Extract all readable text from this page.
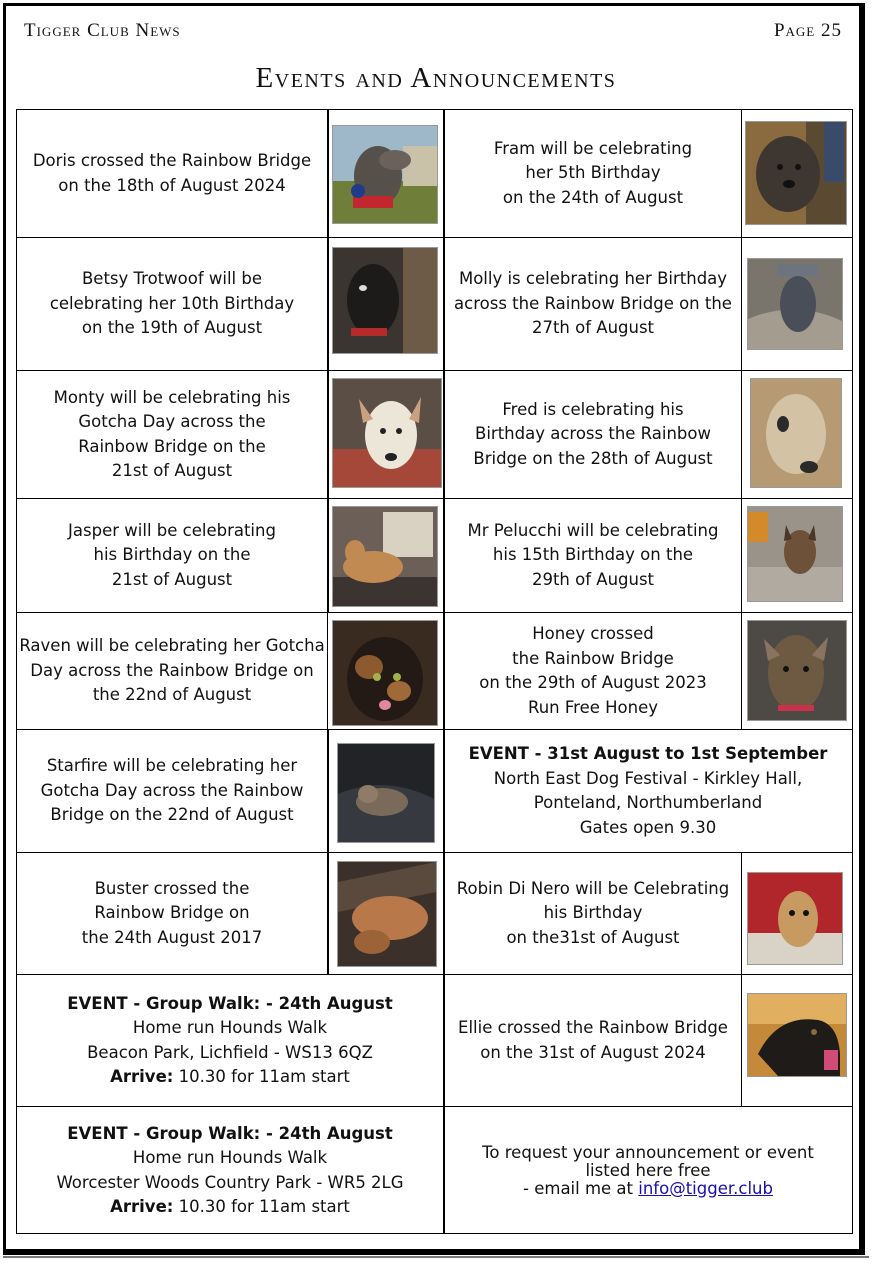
Tigger Club News	Page 25
Events and Announcements
Doris crossed the Rainbow Bridge
on the 18th of August 2024
Fram will be celebrating
her 5th Birthday
on the 24th of August
Betsy Trotwoof will be
celebrating her 10th Birthday
on the 19th of August
Molly is celebrating her Birthday
across the Rainbow Bridge on the
27th of August
Monty will be celebrating his
Gotcha Day across the
Rainbow Bridge on the
21st of August
Fred is celebrating his
Birthday across the Rainbow
Bridge on the 28th of August
Jasper will be celebrating
his Birthday on the
21st of August
Mr Pelucchi will be celebrating
his 15th Birthday on the
29th of August
Raven will be celebrating her Gotcha
Day across the Rainbow Bridge on
the 22nd of August
Honey crossed
the Rainbow Bridge
on the 29th of August 2023
Run Free Honey
Starfire will be celebrating her
Gotcha Day across the Rainbow
Bridge on the 22nd of August
EVENT - 31st August to 1st September
North East Dog Festival - Kirkley Hall,
Ponteland, Northumberland
Gates open 9.30
Buster crossed the
Rainbow Bridge on
the 24th August 2017
Robin Di Nero will be Celebrating
his Birthday
on the31st of August
EVENT - Group Walk: - 24th August
Home run Hounds Walk
Beacon Park, Lichfield - WS13 6QZ
Arrive: 10.30 for 11am start
Ellie crossed the Rainbow Bridge
on the 31st of August 2024
EVENT - Group Walk: - 24th August
Home run Hounds Walk
Worcester Woods Country Park - WR5 2LG
Arrive: 10.30 for 11am start
To request your announcement or event
listed here free
- email me at info@tigger.club
